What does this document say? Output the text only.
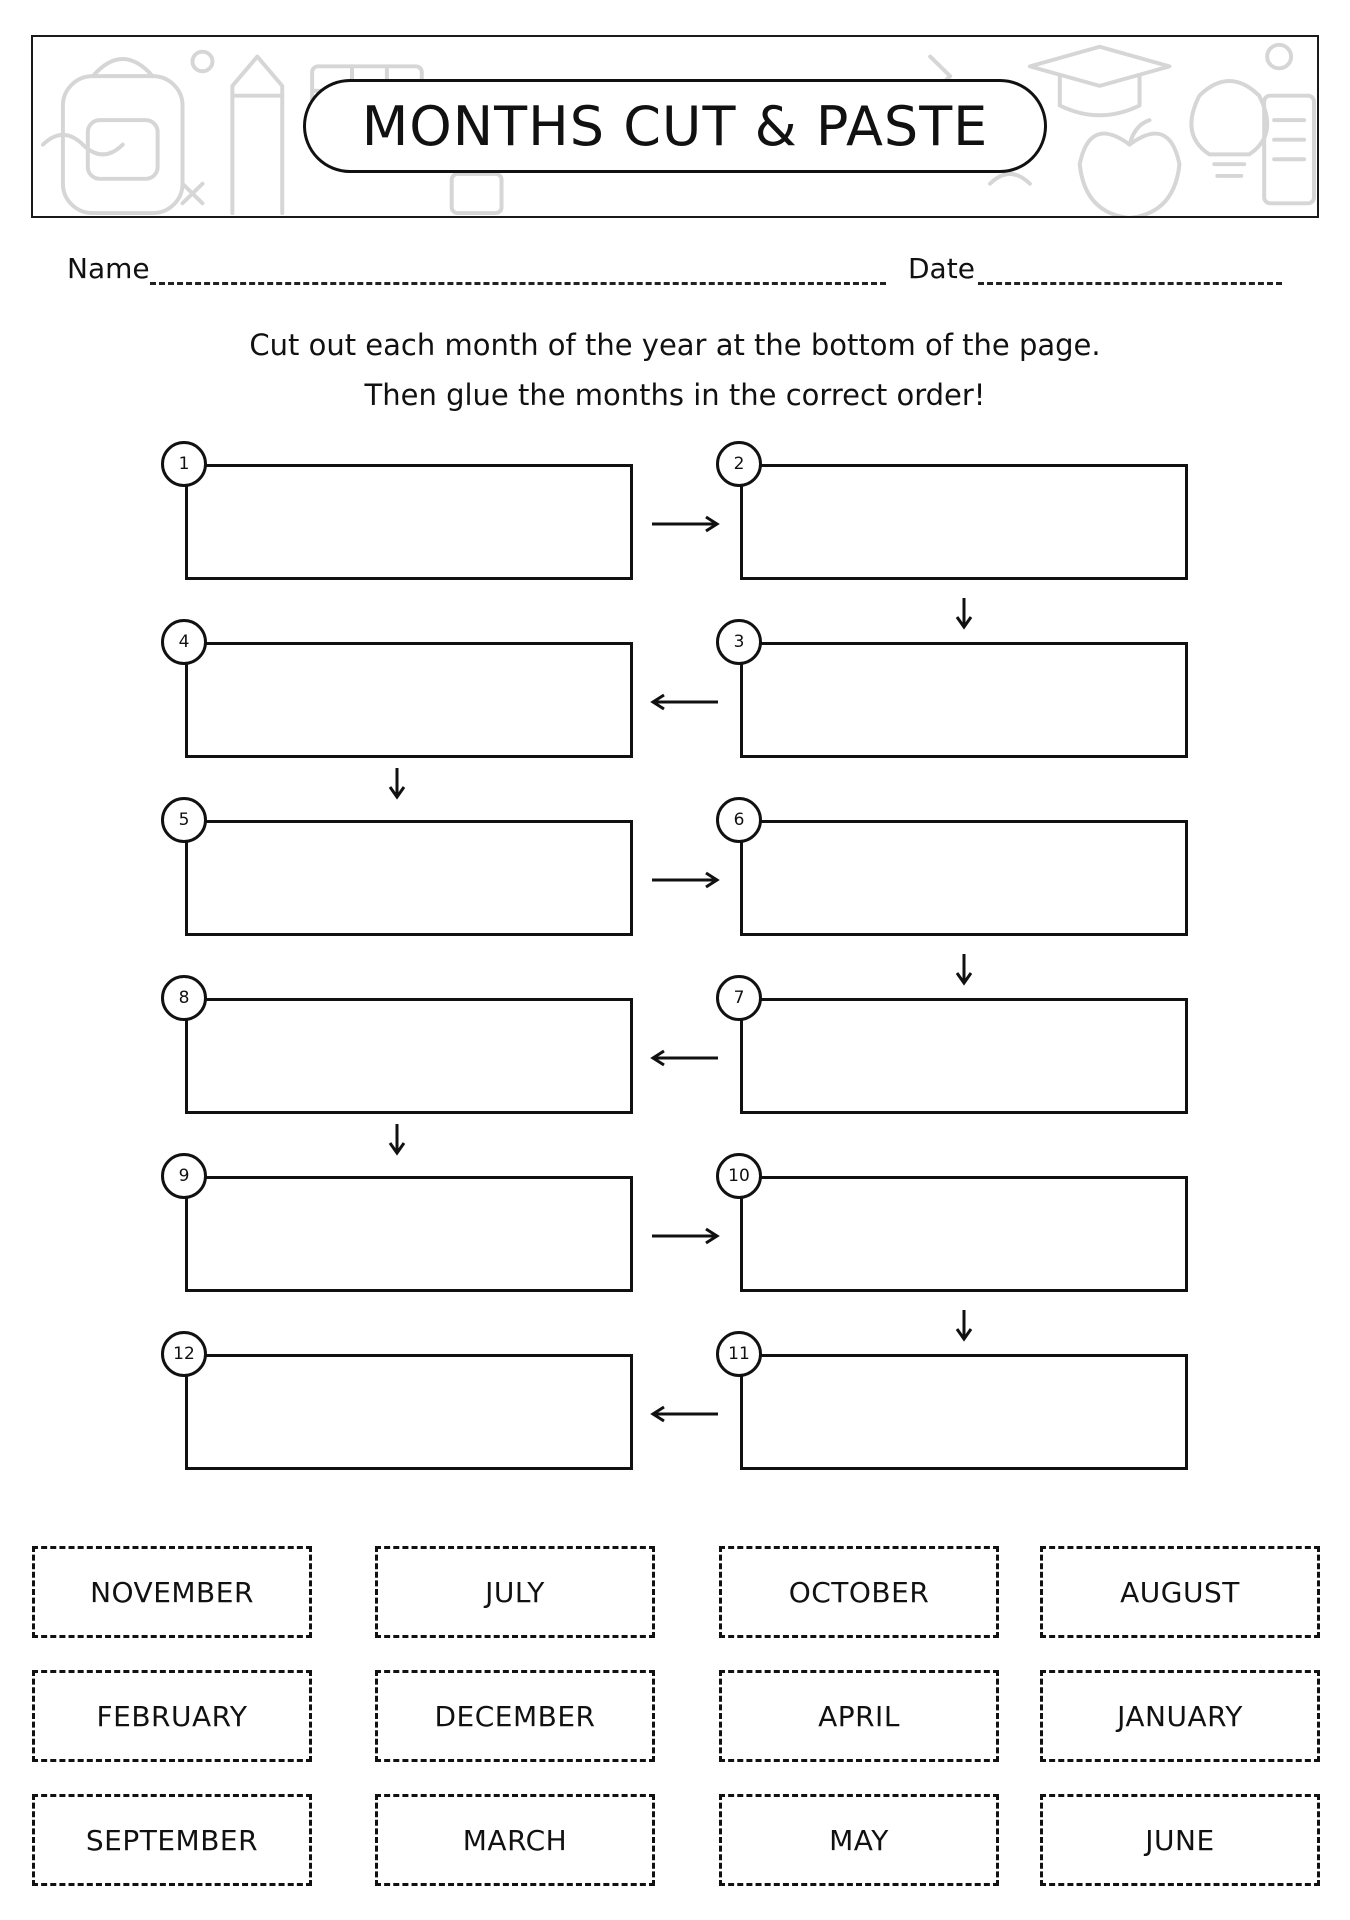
MONTHS CUT & PASTE
Name	Date
Cut out each month of the year at the bottom of the page.
Then glue the months in the correct order!
1	2
4	3
5	6
8	7
9	10
12	11
NOVEMBER	JULY	OCTOBER	AUGUST
FEBRUARY	DECEMBER	APRIL	JANUARY
SEPTEMBER	MARCH	MAY	JUNE
